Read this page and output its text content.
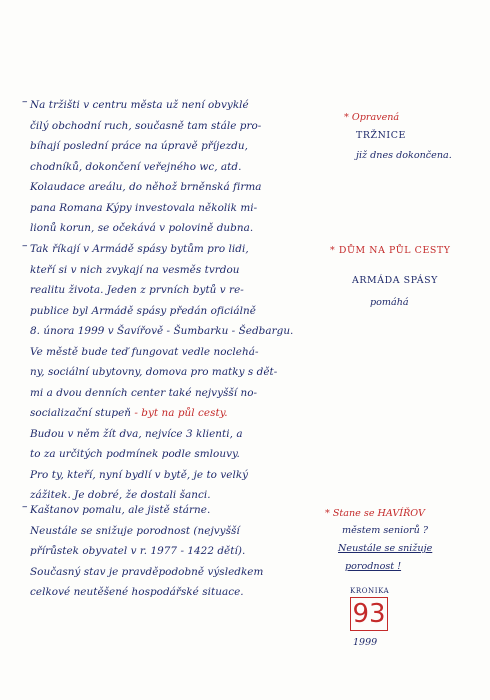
– Na tržišti v centru města už není obvyklé
čilý obchodní ruch, současně tam stále pro-
bíhají poslední práce na úpravě příjezdu,
chodníků, dokončení veřejného wc, atd.
Kolaudace areálu, do něhož brněnská firma
pana Romana Kýpy investovala několik mi-
lionů korun, se očekává v polovině dubna.
– Tak říkají v Armádě spásy bytům pro lidi,
kteří si v nich zvykají na vesměs tvrdou
realitu života. Jeden z prvních bytů v re-
publice byl Armádě spásy předán oficiálně
8. února 1999 v Šavířově - Šumbarku - Šedbargu.
Ve městě bude teď fungovat vedle noclehá-
ny, sociální ubytovny, domova pro matky s dět-
mi a dvou denních center také nejvyšší no-
socializační stupeň - byt na půl cesty.
Budou v něm žít dva, nejvíce 3 klienti, a
to za určitých podmínek podle smlouvy.
Pro ty, kteří, nyní bydlí v bytě, je to velký
zážitek. Je dobré, že dostali šanci.
– Kaštanov pomalu, ale jistě stárne.
Neustále se snižuje porodnost (nejvyšší
přírůstek obyvatel v r. 1977 - 1422 dětí).
Současný stav je pravděpodobně výsledkem
celkové neutěšené hospodářské situace.
* Opravená
TRŽNICE
již dnes dokončena.
* DŮM NA PŮL CESTY
ARMÁDA SPÁSY
pomáhá
* Stane se HAVÍŘOV
městem seniorů ?
Neustále se snižuje
porodnost !
KRONIKA
93
1999
